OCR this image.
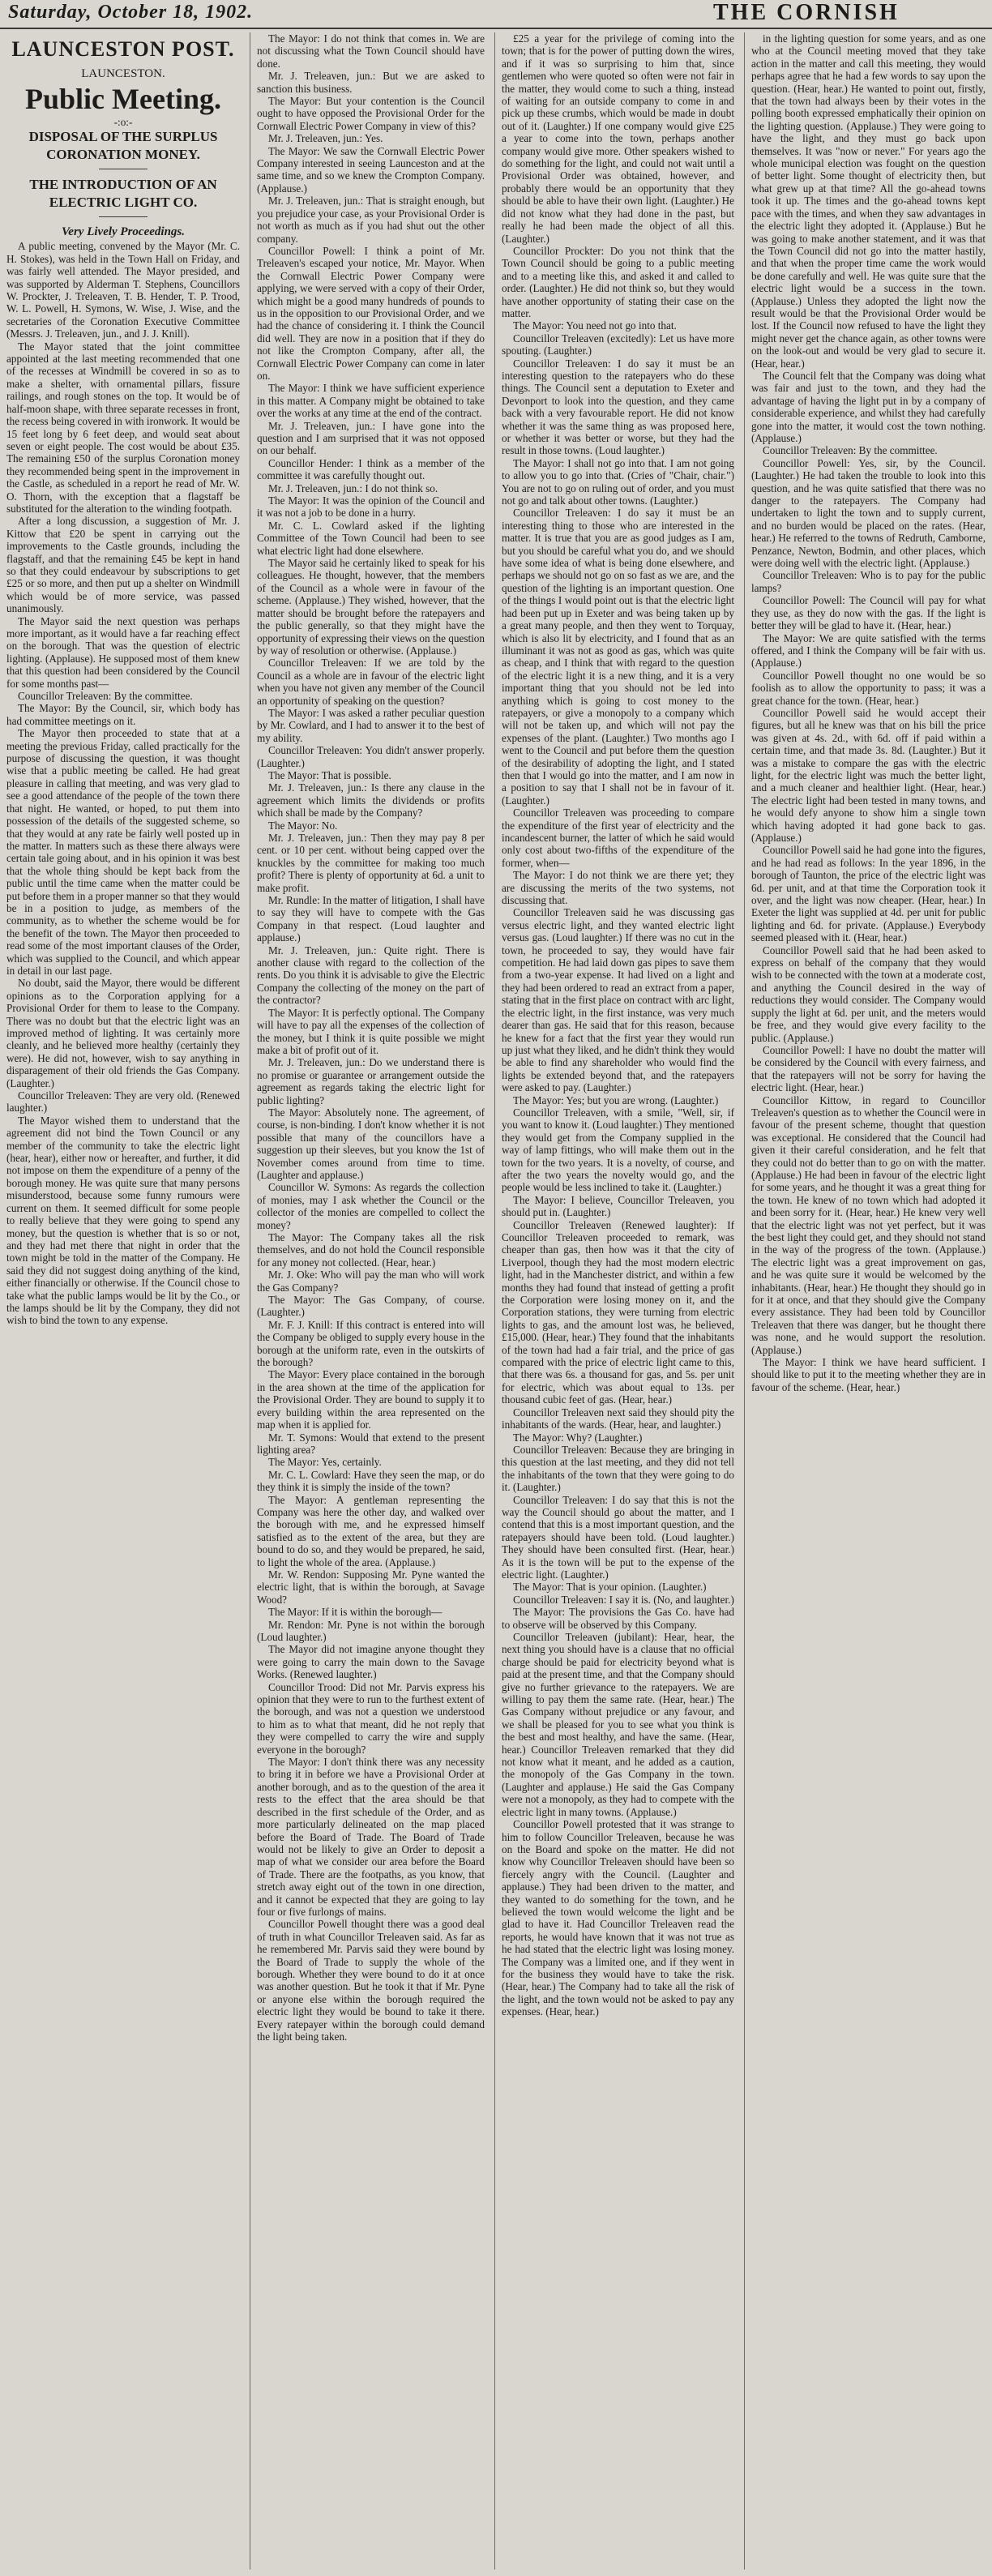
Saturday, October 18, 1902.	THE CORNISH

LAUNCESTON POST.

LAUNCESTON.

Public Meeting.

-:o:-

DISPOSAL OF THE SURPLUS CORONATION MONEY.

THE INTRODUCTION OF AN ELECTRIC LIGHT CO.

Very Lively Proceedings.

A public meeting, convened by the Mayor (Mr. C. H. Stokes), was held in the Town Hall on Friday, and was fairly well attended. The Mayor presided, and was supported by Alderman T. Stephens, Councillors W. Prockter, J. Treleaven, T. B. Hender, T. P. Trood, W. L. Powell, H. Symons, W. Wise, J. Wise, and the secretaries of the Coronation Executive Committee (Messrs. J. Treleaven, jun., and J. J. Knill).

The Mayor stated that the joint committee appointed at the last meeting recommended that one of the recesses at Windmill be covered in so as to make a shelter, with ornamental pillars, fissure railings, and rough stones on the top. It would be of half-moon shape, with three separate recesses in front, the recess being covered in with ironwork. It would be 15 feet long by 6 feet deep, and would seat about seven or eight people. The cost would be about £35. The remaining £50 of the surplus Coronation money they recommended being spent in the improvement in the Castle, as scheduled in a report he read of Mr. W. O. Thorn, with the exception that a flagstaff be substituted for the alteration to the winding footpath.

After a long discussion, a suggestion of Mr. J. Kittow that £20 be spent in carrying out the improvements to the Castle grounds, including the flagstaff, and that the remaining £45 be kept in hand so that they could endeavour by subscriptions to get £25 or so more, and then put up a shelter on Windmill which would be of more service, was passed unanimously.

The Mayor said the next question was perhaps more important, as it would have a far reaching effect on the borough. That was the question of electric lighting. (Applause). He supposed most of them knew that this question had been considered by the Council for some months past—

Councillor Treleaven: By the committee.

The Mayor: By the Council, sir, which body has had committee meetings on it.

The Mayor then proceeded to state that at a meeting the previous Friday, called practically for the purpose of discussing the question, it was thought wise that a public meeting be called. He had great pleasure in calling that meeting, and was very glad to see a good attendance of the people of the town there that night. He wanted, or hoped, to put them into possession of the details of the suggested scheme, so that they would at any rate be fairly well posted up in the matter. In matters such as these there always were certain tale going about, and in his opinion it was best that the whole thing should be kept back from the public until the time came when the matter could be put before them in a proper manner so that they would be in a position to judge, as members of the community, as to whether the scheme would be for the benefit of the town. The Mayor then proceeded to read some of the most important clauses of the Order, which was supplied to the Council, and which appear in detail in our last page.

No doubt, said the Mayor, there would be different opinions as to the Corporation applying for a Provisional Order for them to lease to the Company. There was no doubt but that the electric light was an improved method of lighting. It was certainly more cleanly, and he believed more healthy (certainly they were). He did not, however, wish to say anything in disparagement of their old friends the Gas Company. (Laughter.)

Councillor Treleaven: They are very old. (Renewed laughter.)

The Mayor wished them to understand that the agreement did not bind the Town Council or any member of the community to take the electric light (hear, hear), either now or hereafter, and further, it did not impose on them the expenditure of a penny of the borough money. He was quite sure that many persons misunderstood, because some funny rumours were current on them. It seemed difficult for some people to really believe that they were going to spend any money, but the question is whether that is so or not, and they had met there that night in order that the town might be told in the matter of the Company. He said they did not suggest doing anything of the kind, either financially or otherwise. If the Council chose to take what the public lamps would be lit by the Co., or the lamps should be lit by the Company, they did not wish to bind the town to any expense.

The Mayor: I do not think that comes in. We are not discussing what the Town Council should have done.

Mr. J. Treleaven, jun.: But we are asked to sanction this business.

The Mayor: But your contention is the Council ought to have opposed the Provisional Order for the Cornwall Electric Power Company in view of this?

Mr. J. Treleaven, jun.: Yes.

The Mayor: We saw the Cornwall Electric Power Company interested in seeing Launceston and at the same time, and so we knew the Crompton Company. (Applause.)

Mr. J. Treleaven, jun.: That is straight enough, but you prejudice your case, as your Provisional Order is not worth as much as if you had shut out the other company.

Councillor Powell: I think a point of Mr. Treleaven's escaped your notice, Mr. Mayor. When the Cornwall Electric Power Company were applying, we were served with a copy of their Order, which might be a good many hundreds of pounds to us in the opposition to our Provisional Order, and we had the chance of considering it. I think the Council did well. They are now in a position that if they do not like the Crompton Company, after all, the Cornwall Electric Power Company can come in later on.

The Mayor: I think we have sufficient experience in this matter. A Company might be obtained to take over the works at any time at the end of the contract.

Mr. J. Treleaven, jun.: I have gone into the question and I am surprised that it was not opposed on our behalf.

Councillor Hender: I think as a member of the committee it was carefully thought out.

Mr. J. Treleaven, jun.: I do not think so.

The Mayor: It was the opinion of the Council and it was not a job to be done in a hurry.

Mr. C. L. Cowlard asked if the lighting Committee of the Town Council had been to see what electric light had done elsewhere.

The Mayor said he certainly liked to speak for his colleagues. He thought, however, that the members of the Council as a whole were in favour of the scheme. (Applause.) They wished, however, that the matter should be brought before the ratepayers and the public generally, so that they might have the opportunity of expressing their views on the question by way of resolution or otherwise. (Applause.)

Councillor Treleaven: If we are told by the Council as a whole are in favour of the electric light when you have not given any member of the Council an opportunity of speaking on the question?

The Mayor: I was asked a rather peculiar question by Mr. Cowlard, and I had to answer it to the best of my ability.

Councillor Treleaven: You didn't answer properly. (Laughter.)

The Mayor: That is possible.

Mr. J. Treleaven, jun.: Is there any clause in the agreement which limits the dividends or profits which shall be made by the Company?

The Mayor: No.

Mr. J. Treleaven, jun.: Then they may pay 8 per cent. or 10 per cent. without being capped over the knuckles by the committee for making too much profit? There is plenty of opportunity at 6d. a unit to make profit.

Mr. Rundle: In the matter of litigation, I shall have to say they will have to compete with the Gas Company in that respect. (Loud laughter and applause.)

Mr. J. Treleaven, jun.: Quite right. There is another clause with regard to the collection of the rents. Do you think it is advisable to give the Electric Company the collecting of the money on the part of the contractor?

The Mayor: It is perfectly optional. The Company will have to pay all the expenses of the collection of the money, but I think it is quite possible we might make a bit of profit out of it.

Mr. J. Treleaven, jun.: Do we understand there is no promise or guarantee or arrangement outside the agreement as regards taking the electric light for public lighting?

The Mayor: Absolutely none. The agreement, of course, is non-binding. I don't know whether it is not possible that many of the councillors have a suggestion up their sleeves, but you know the 1st of November comes around from time to time. (Laughter and applause.)

Councillor W. Symons: As regards the collection of monies, may I ask whether the Council or the collector of the monies are compelled to collect the money?

The Mayor: The Company takes all the risk themselves, and do not hold the Council responsible for any money not collected. (Hear, hear.)

Mr. J. Oke: Who will pay the man who will work the Gas Company?

The Mayor: The Gas Company, of course. (Laughter.)

Mr. F. J. Knill: If this contract is entered into will the Company be obliged to supply every house in the borough at the uniform rate, even in the outskirts of the borough?

The Mayor: Every place contained in the borough in the area shown at the time of the application for the Provisional Order. They are bound to supply it to every building within the area represented on the map when it is applied for.

Mr. T. Symons: Would that extend to the present lighting area?

The Mayor: Yes, certainly.

Mr. C. L. Cowlard: Have they seen the map, or do they think it is simply the inside of the town?

The Mayor: A gentleman representing the Company was here the other day, and walked over the borough with me, and he expressed himself satisfied as to the extent of the area, but they are bound to do so, and they would be prepared, he said, to light the whole of the area. (Applause.)

Mr. W. Rendon: Supposing Mr. Pyne wanted the electric light, that is within the borough, at Savage Wood?

The Mayor: If it is within the borough—

Mr. Rendon: Mr. Pyne is not within the borough (Loud laughter.)

The Mayor did not imagine anyone thought they were going to carry the main down to the Savage Works. (Renewed laughter.)

Councillor Trood: Did not Mr. Parvis express his opinion that they were to run to the furthest extent of the borough, and was not a question we understood to him as to what that meant, did he not reply that they were compelled to carry the wire and supply everyone in the borough?

The Mayor: I don't think there was any necessity to bring it in before we have a Provisional Order at another borough, and as to the question of the area it rests to the effect that the area should be that described in the first schedule of the Order, and as more particularly delineated on the map placed before the Board of Trade. The Board of Trade would not be likely to give an Order to deposit a map of what we consider our area before the Board of Trade. There are the footpaths, as you know, that stretch away eight out of the town in one direction, and it cannot be expected that they are going to lay four or five furlongs of mains.

Councillor Powell thought there was a good deal of truth in what Councillor Treleaven said. As far as he remembered Mr. Parvis said they were bound by the Board of Trade to supply the whole of the borough. Whether they were bound to do it at once was another question. But he took it that if Mr. Pyne or anyone else within the borough required the electric light they would be bound to take it there. Every ratepayer within the borough could demand the light being taken.

£25 a year for the privilege of coming into the town; that is for the power of putting down the wires, and if it was so surprising to him that, since gentlemen who were quoted so often were not fair in the matter, they would come to such a thing, instead of waiting for an outside company to come in and pick up these crumbs, which would be made in doubt out of it. (Laughter.) If one company would give £25 a year to come into the town, perhaps another company would give more. Other speakers wished to do something for the light, and could not wait until a Provisional Order was obtained, however, and probably there would be an opportunity that they should be able to have their own light. (Laughter.) He did not know what they had done in the past, but really he had been made the object of all this. (Laughter.)

Councillor Prockter: Do you not think that the Town Council should be going to a public meeting and to a meeting like this, and asked it and called to order. (Laughter.) He did not think so, but they would have another opportunity of stating their case on the matter.

The Mayor: You need not go into that.

Councillor Treleaven (excitedly): Let us have more spouting. (Laughter.)

Councillor Treleaven: I do say it must be an interesting question to the ratepayers who do these things. The Council sent a deputation to Exeter and Devonport to look into the question, and they came back with a very favourable report. He did not know whether it was the same thing as was proposed here, or whether it was better or worse, but they had the result in those towns. (Loud laughter.)

The Mayor: I shall not go into that. I am not going to allow you to go into that. (Cries of "Chair, chair.") You are not to go on ruling out of order, and you must not go and talk about other towns. (Laughter.)

Councillor Treleaven: I do say it must be an interesting thing to those who are interested in the matter. It is true that you are as good judges as I am, but you should be careful what you do, and we should have some idea of what is being done elsewhere, and perhaps we should not go on so fast as we are, and the question of the lighting is an important question. One of the things I would point out is that the electric light had been put up in Exeter and was being taken up by a great many people, and then they went to Torquay, which is also lit by electricity, and I found that as an illuminant it was not as good as gas, which was quite as cheap, and I think that with regard to the question of the electric light it is a new thing, and it is a very important thing that you should not be led into anything which is going to cost money to the ratepayers, or give a monopoly to a company which will not be taken up, and which will not pay the expenses of the plant. (Laughter.) Two months ago I went to the Council and put before them the question of the desirability of adopting the light, and I stated then that I would go into the matter, and I am now in a position to say that I shall not be in favour of it. (Laughter.)

Councillor Treleaven was proceeding to compare the expenditure of the first year of electricity and the incandescent burner, the latter of which he said would only cost about two-fifths of the expenditure of the former, when—

The Mayor: I do not think we are there yet; they are discussing the merits of the two systems, not discussing that.

Councillor Treleaven said he was discussing gas versus electric light, and they wanted electric light versus gas. (Loud laughter.) If there was no cut in the town, he proceeded to say, they would have fair competition. He had laid down gas pipes to save them from a two-year expense. It had lived on a light and they had been ordered to read an extract from a paper, stating that in the first place on contract with arc light, the electric light, in the first instance, was very much dearer than gas. He said that for this reason, because he knew for a fact that the first year they would run up just what they liked, and he didn't think they would be able to find any shareholder who would find the lights be extended beyond that, and the ratepayers were asked to pay. (Laughter.)

The Mayor: Yes; but you are wrong. (Laughter.)

Councillor Treleaven, with a smile, "Well, sir, if you want to know it. (Loud laughter.) They mentioned they would get from the Company supplied in the way of lamp fittings, who will make them out in the town for the two years. It is a novelty, of course, and after the two years the novelty would go, and the people would be less inclined to take it. (Laughter.)

The Mayor: I believe, Councillor Treleaven, you should put in. (Laughter.)

Councillor Treleaven (Renewed laughter): If Councillor Treleaven proceeded to remark, was cheaper than gas, then how was it that the city of Liverpool, though they had the most modern electric light, had in the Manchester district, and within a few months they had found that instead of getting a profit the Corporation were losing money on it, and the Corporation stations, they were turning from electric lights to gas, and the amount lost was, he believed, £15,000. (Hear, hear.) They found that the inhabitants of the town had had a fair trial, and the price of gas compared with the price of electric light came to this, that there was 6s. a thousand for gas, and 5s. per unit for electric, which was about equal to 13s. per thousand cubic feet of gas. (Hear, hear.)

Councillor Treleaven next said they should pity the inhabitants of the wards. (Hear, hear, and laughter.)

The Mayor: Why? (Laughter.)

Councillor Treleaven: Because they are bringing in this question at the last meeting, and they did not tell the inhabitants of the town that they were going to do it. (Laughter.)

Councillor Treleaven: I do say that this is not the way the Council should go about the matter, and I contend that this is a most important question, and the ratepayers should have been told. (Loud laughter.) They should have been consulted first. (Hear, hear.) As it is the town will be put to the expense of the electric light. (Laughter.)

The Mayor: That is your opinion. (Laughter.)

Councillor Treleaven: I say it is. (No, and laughter.)

The Mayor: The provisions the Gas Co. have had to observe will be observed by this Company.

Councillor Treleaven (jubilant): Hear, hear, the next thing you should have is a clause that no official charge should be paid for electricity beyond what is paid at the present time, and that the Company should give no further grievance to the ratepayers. We are willing to pay them the same rate. (Hear, hear.) The Gas Company without prejudice or any favour, and we shall be pleased for you to see what you think is the best and most healthy, and have the same. (Hear, hear.) Councillor Treleaven remarked that they did not know what it meant, and he added as a caution, the monopoly of the Gas Company in the town. (Laughter and applause.) He said the Gas Company were not a monopoly, as they had to compete with the electric light in many towns. (Applause.)

Councillor Powell protested that it was strange to him to follow Councillor Treleaven, because he was on the Board and spoke on the matter. He did not know why Councillor Treleaven should have been so fiercely angry with the Council. (Laughter and applause.) They had been driven to the matter, and they wanted to do something for the town, and he believed the town would welcome the light and be glad to have it. Had Councillor Treleaven read the reports, he would have known that it was not true as he had stated that the electric light was losing money. The Company was a limited one, and if they went in for the business they would have to take the risk. (Hear, hear.) The Company had to take all the risk of the light, and the town would not be asked to pay any expenses. (Hear, hear.)

in the lighting question for some years, and as one who at the Council meeting moved that they take action in the matter and call this meeting, they would perhaps agree that he had a few words to say upon the question. (Hear, hear.) He wanted to point out, firstly, that the town had always been by their votes in the polling booth expressed emphatically their opinion on the lighting question. (Applause.) They were going to have the light, and they must go back upon themselves. It was "now or never." For years ago the whole municipal election was fought on the question of better light. Some thought of electricity then, but what grew up at that time? All the go-ahead towns took it up. The times and the go-ahead towns kept pace with the times, and when they saw advantages in the electric light they adopted it. (Applause.) But he was going to make another statement, and it was that the Town Council did not go into the matter hastily, and that when the proper time came the work would be done carefully and well. He was quite sure that the electric light would be a success in the town. (Applause.) Unless they adopted the light now the result would be that the Provisional Order would be lost. If the Council now refused to have the light they might never get the chance again, as other towns were on the look-out and would be very glad to secure it. (Hear, hear.)

The Council felt that the Company was doing what was fair and just to the town, and they had the advantage of having the light put in by a company of considerable experience, and whilst they had carefully gone into the matter, it would cost the town nothing. (Applause.)

Councillor Treleaven: By the committee.

Councillor Powell: Yes, sir, by the Council. (Laughter.) He had taken the trouble to look into this question, and he was quite satisfied that there was no danger to the ratepayers. The Company had undertaken to light the town and to supply current, and no burden would be placed on the rates. (Hear, hear.) He referred to the towns of Redruth, Camborne, Penzance, Newton, Bodmin, and other places, which were doing well with the electric light. (Applause.)

Councillor Treleaven: Who is to pay for the public lamps?

Councillor Powell: The Council will pay for what they use, as they do now with the gas. If the light is better they will be glad to have it. (Hear, hear.)

The Mayor: We are quite satisfied with the terms offered, and I think the Company will be fair with us. (Applause.)

Councillor Powell thought no one would be so foolish as to allow the opportunity to pass; it was a great chance for the town. (Hear, hear.)

Councillor Powell said he would accept their figures, but all he knew was that on his bill the price was given at 4s. 2d., with 6d. off if paid within a certain time, and that made 3s. 8d. (Laughter.) But it was a mistake to compare the gas with the electric light, for the electric light was much the better light, and a much cleaner and healthier light. (Hear, hear.) The electric light had been tested in many towns, and he would defy anyone to show him a single town which having adopted it had gone back to gas. (Applause.)

Councillor Powell said he had gone into the figures, and he had read as follows: In the year 1896, in the borough of Taunton, the price of the electric light was 6d. per unit, and at that time the Corporation took it over, and the light was now cheaper. (Hear, hear.) In Exeter the light was supplied at 4d. per unit for public lighting and 6d. for private. (Applause.) Everybody seemed pleased with it. (Hear, hear.)

Councillor Powell said that he had been asked to express on behalf of the company that they would wish to be connected with the town at a moderate cost, and anything the Council desired in the way of reductions they would consider. The Company would supply the light at 6d. per unit, and the meters would be free, and they would give every facility to the public. (Applause.)

Councillor Powell: I have no doubt the matter will be considered by the Council with every fairness, and that the ratepayers will not be sorry for having the electric light. (Hear, hear.)

Councillor Kittow, in regard to Councillor Treleaven's question as to whether the Council were in favour of the present scheme, thought that question was exceptional. He considered that the Council had given it their careful consideration, and he felt that they could not do better than to go on with the matter. (Applause.) He had been in favour of the electric light for some years, and he thought it was a great thing for the town. He knew of no town which had adopted it and been sorry for it. (Hear, hear.) He knew very well that the electric light was not yet perfect, but it was the best light they could get, and they should not stand in the way of the progress of the town. (Applause.) The electric light was a great improvement on gas, and he was quite sure it would be welcomed by the inhabitants. (Hear, hear.) He thought they should go in for it at once, and that they should give the Company every assistance. They had been told by Councillor Treleaven that there was danger, but he thought there was none, and he would support the resolution. (Applause.)

The Mayor: I think we have heard sufficient. I should like to put it to the meeting whether they are in favour of the scheme. (Hear, hear.)
